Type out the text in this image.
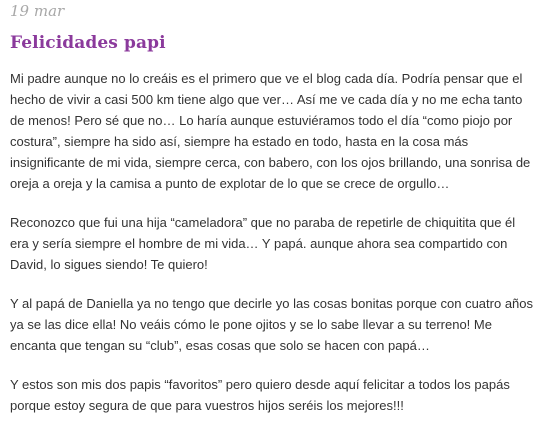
19 mar
Felicidades papi

Mi padre aunque no lo creáis es el primero que ve el blog cada día. Podría pensar que el hecho de vivir a casi 500 km tiene algo que ver… Así me ve cada día y no me echa tanto de menos! Pero sé que no… Lo haría aunque estuviéramos todo el día “como piojo por costura”, siempre ha sido así, siempre ha estado en todo, hasta en la cosa más insignificante de mi vida, siempre cerca, con babero, con los ojos brillando, una sonrisa de oreja a oreja y la camisa a punto de explotar de lo que se crece de orgullo…

Reconozco que fui una hija “cameladora” que no paraba de repetirle de chiquitita que él era y sería siempre el hombre de mi vida… Y papá. aunque ahora sea compartido con David, lo sigues siendo! Te quiero!

Y al papá de Daniella ya no tengo que decirle yo las cosas bonitas porque con cuatro años ya se las dice ella! No veáis cómo le pone ojitos y se lo sabe llevar a su terreno! Me encanta que tengan su “club”, esas cosas que solo se hacen con papá…

Y estos son mis dos papis “favoritos” pero quiero desde aquí felicitar a todos los papás porque estoy segura de que para vuestros hijos seréis los mejores!!!
